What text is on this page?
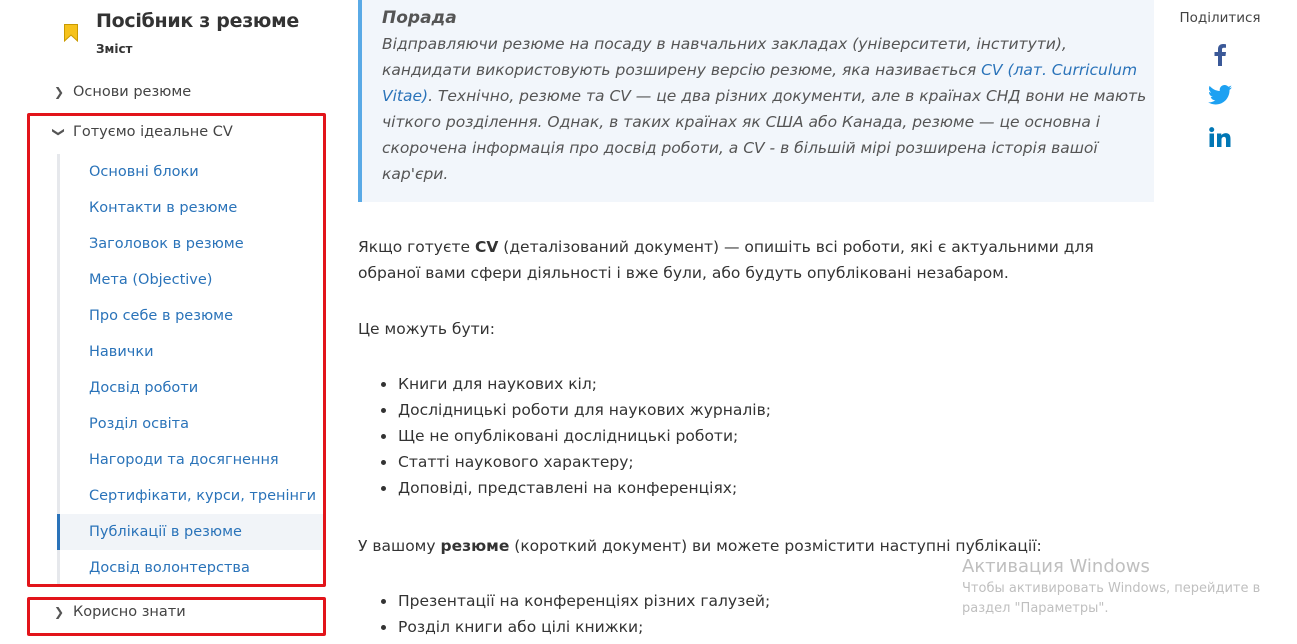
Посібник з резюме
Зміст
❯ Основи резюме
❯ Готуємо ідеальне CV
Основні блоки
Контакти в резюме
Заголовок в резюме
Мета (Objective)
Про себе в резюме
Навички
Досвід роботи
Розділ освіта
Нагороди та досягнення
Сертифікати, курси, тренінги
Публікації в резюме
Досвід волонтерства
❯ Корисно знати
Порада
Відправляючи резюме на посаду в навчальних закладах (університети, інститути), кандидати використовують розширену версію резюме, яка називається CV (лат. Curriculum Vitae). Технічно, резюме та CV — це два різних документи, але в країнах СНД вони не мають чіткого розділення. Однак, в таких країнах як США або Канада, резюме — це основна і скорочена інформація про досвід роботи, а CV - в більшій мірі розширена історія вашої кар'єри.

Якщо готуєте CV (деталізований документ) — опишіть всі роботи, які є актуальними для обраної вами сфери діяльності і вже були, або будуть опубліковані незабаром.

Це можуть бути:

Книги для наукових кіл;
Дослідницькі роботи для наукових журналів;
Ще не опубліковані дослідницькі роботи;
Статті наукового характеру;
Доповіді, представлені на конференціях;

У вашому резюме (короткий документ) ви можете розмістити наступні публікації:

Презентації на конференціях різних галузей;
Розділ книги або цілі книжки;
Поділитися
Активация Windows
Чтобы активировать Windows, перейдите в
раздел "Параметры".
